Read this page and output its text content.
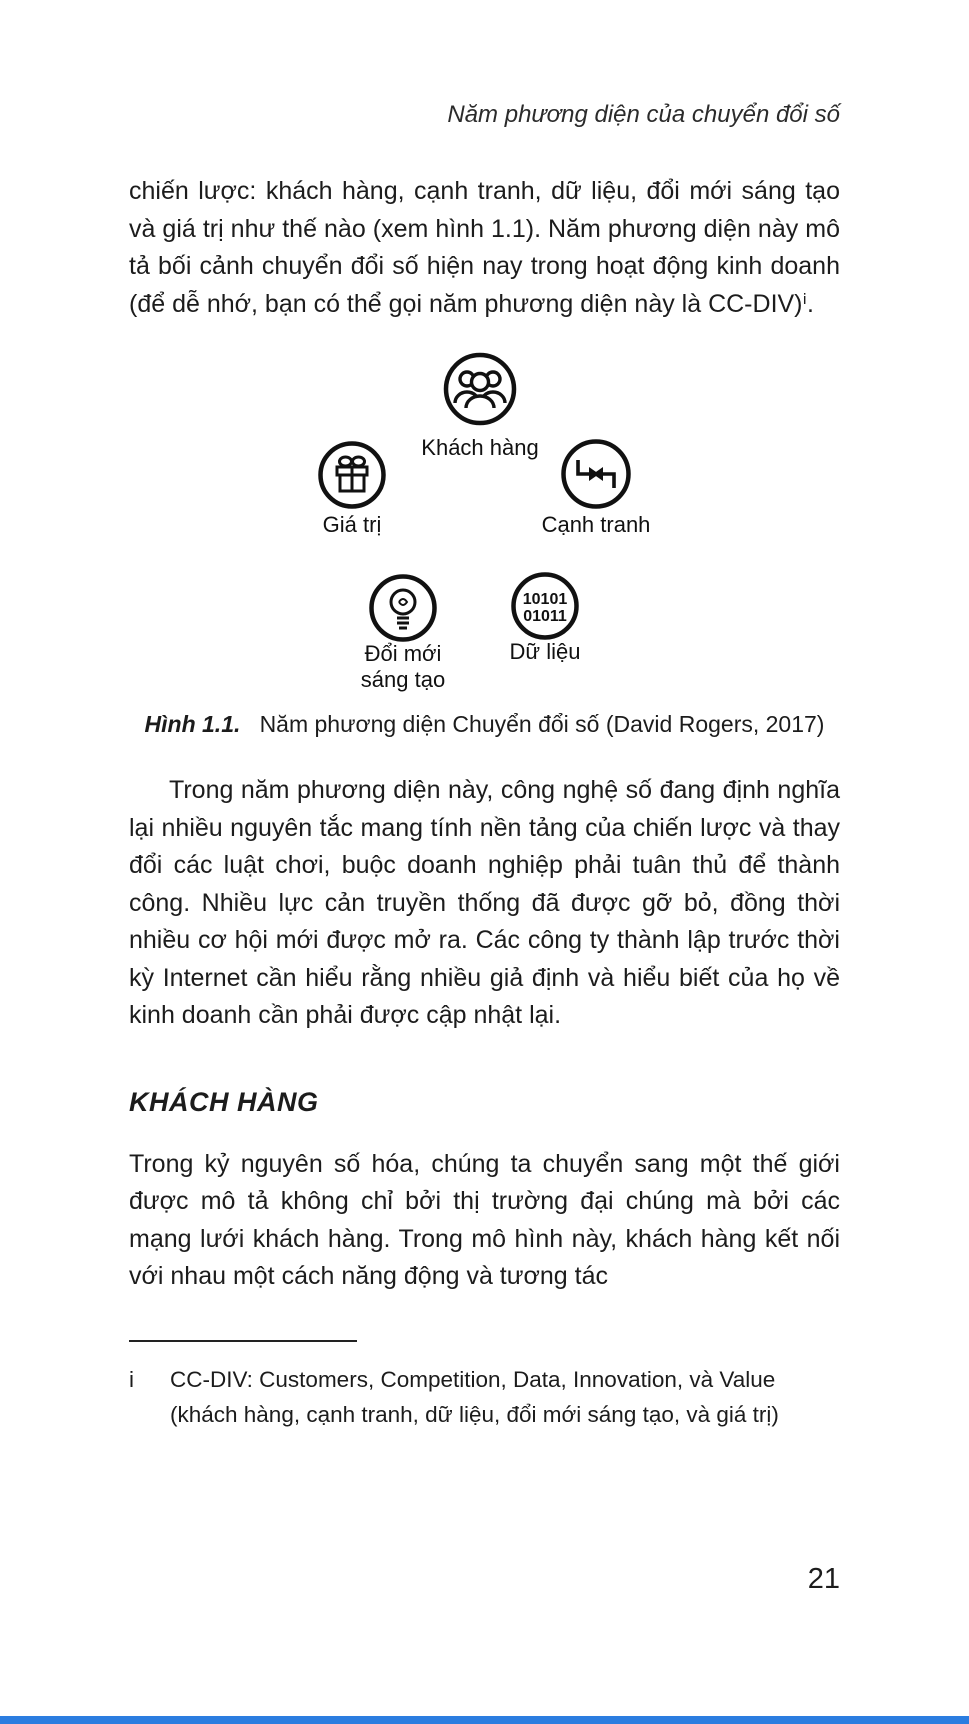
Năm phương diện của chuyển đổi số

chiến lược: khách hàng, cạnh tranh, dữ liệu, đổi mới sáng tạo và giá trị như thế nào (xem hình 1.1). Năm phương diện này mô tả bối cảnh chuyển đổi số hiện nay trong hoạt động kinh doanh (để dễ nhớ, bạn có thể gọi năm phương diện này là CC-DIV)ⁱ.

Khách hàng
Giá trị	Cạnh tranh
Đổi mới
sáng tạo
10101
01011
Dữ liệu
Hình 1.1. Năm phương diện Chuyển đổi số (David Rogers, 2017)

Trong năm phương diện này, công nghệ số đang định nghĩa lại nhiều nguyên tắc mang tính nền tảng của chiến lược và thay đổi các luật chơi, buộc doanh nghiệp phải tuân thủ để thành công. Nhiều lực cản truyền thống đã được gỡ bỏ, đồng thời nhiều cơ hội mới được mở ra. Các công ty thành lập trước thời kỳ Internet cần hiểu rằng nhiều giả định và hiểu biết của họ về kinh doanh cần phải được cập nhật lại.

KHÁCH HÀNG

Trong kỷ nguyên số hóa, chúng ta chuyển sang một thế giới được mô tả không chỉ bởi thị trường đại chúng mà bởi các mạng lưới khách hàng. Trong mô hình này, khách hàng kết nối với nhau một cách năng động và tương tác

i	CC-DIV: Customers, Competition, Data, Innovation, và Value
(khách hàng, cạnh tranh, dữ liệu, đổi mới sáng tạo, và giá trị)
21
